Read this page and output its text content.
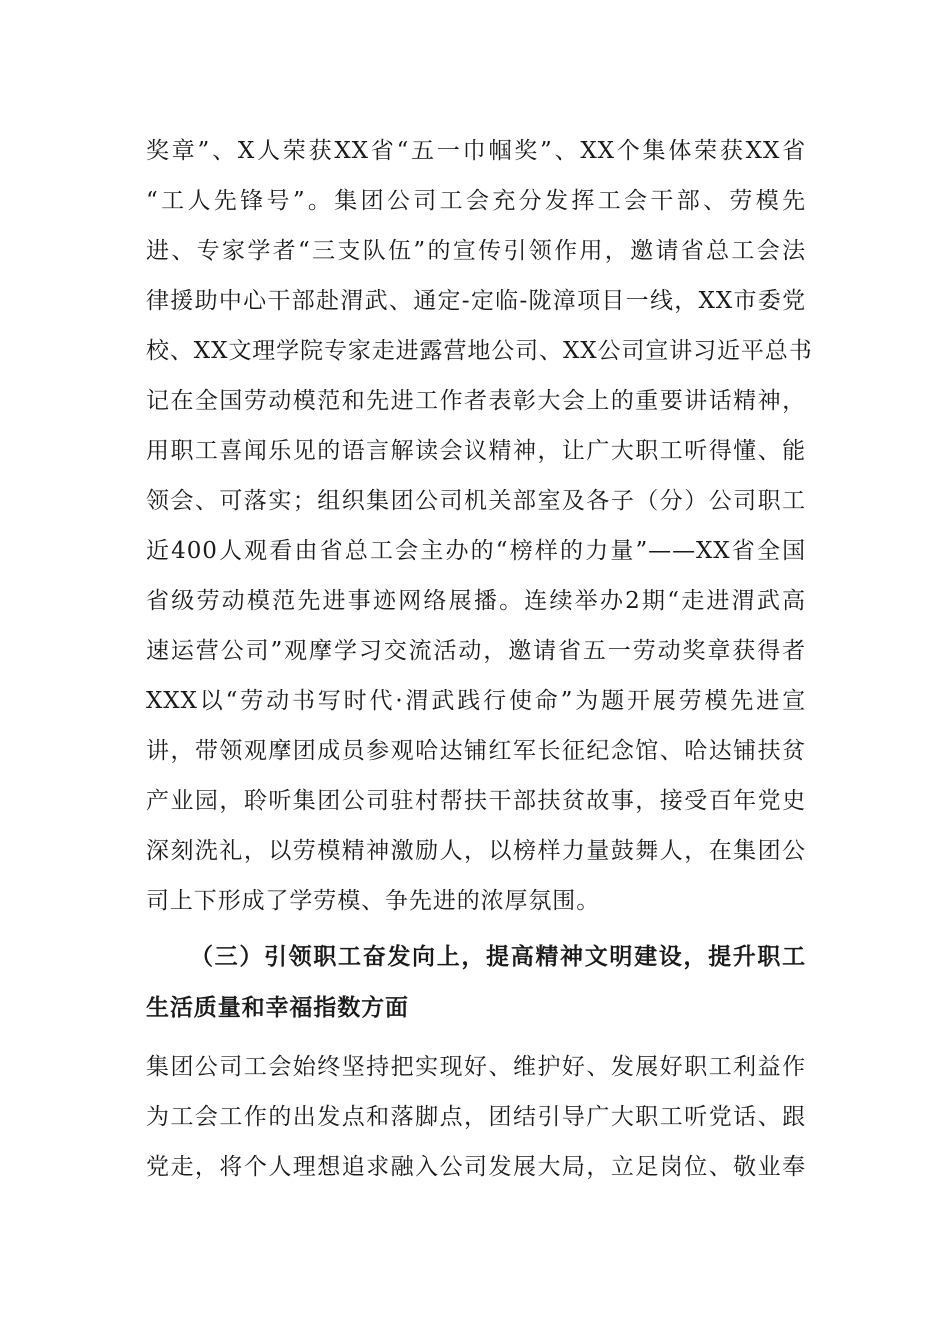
奖章”、X人荣获XX省“五一巾帼奖”、XX个集体荣获XX省
“工人先锋号”。集团公司工会充分发挥工会干部、劳模先
进、专家学者“三支队伍”的宣传引领作用，邀请省总工会法
律援助中心干部赴渭武、通定-定临-陇漳项目一线，XX市委党
校、XX文理学院专家走进露营地公司、XX公司宣讲习近平总书
记在全国劳动模范和先进工作者表彰大会上的重要讲话精神，
用职工喜闻乐见的语言解读会议精神，让广大职工听得懂、能
领会、可落实；组织集团公司机关部室及各子（分）公司职工
近400人观看由省总工会主办的“榜样的力量”——XX省全国
省级劳动模范先进事迹网络展播。连续举办2期“走进渭武高
速运营公司”观摩学习交流活动，邀请省五一劳动奖章获得者
XXX以“劳动书写时代·渭武践行使命”为题开展劳模先进宣
讲，带领观摩团成员参观哈达铺红军长征纪念馆、哈达铺扶贫
产业园，聆听集团公司驻村帮扶干部扶贫故事，接受百年党史
深刻洗礼，以劳模精神激励人，以榜样力量鼓舞人，在集团公
司上下形成了学劳模、争先进的浓厚氛围。
（三）引领职工奋发向上，提高精神文明建设，提升职工
生活质量和幸福指数方面
集团公司工会始终坚持把实现好、维护好、发展好职工利益作
为工会工作的出发点和落脚点，团结引导广大职工听党话、跟
党走，将个人理想追求融入公司发展大局，立足岗位、敬业奉
